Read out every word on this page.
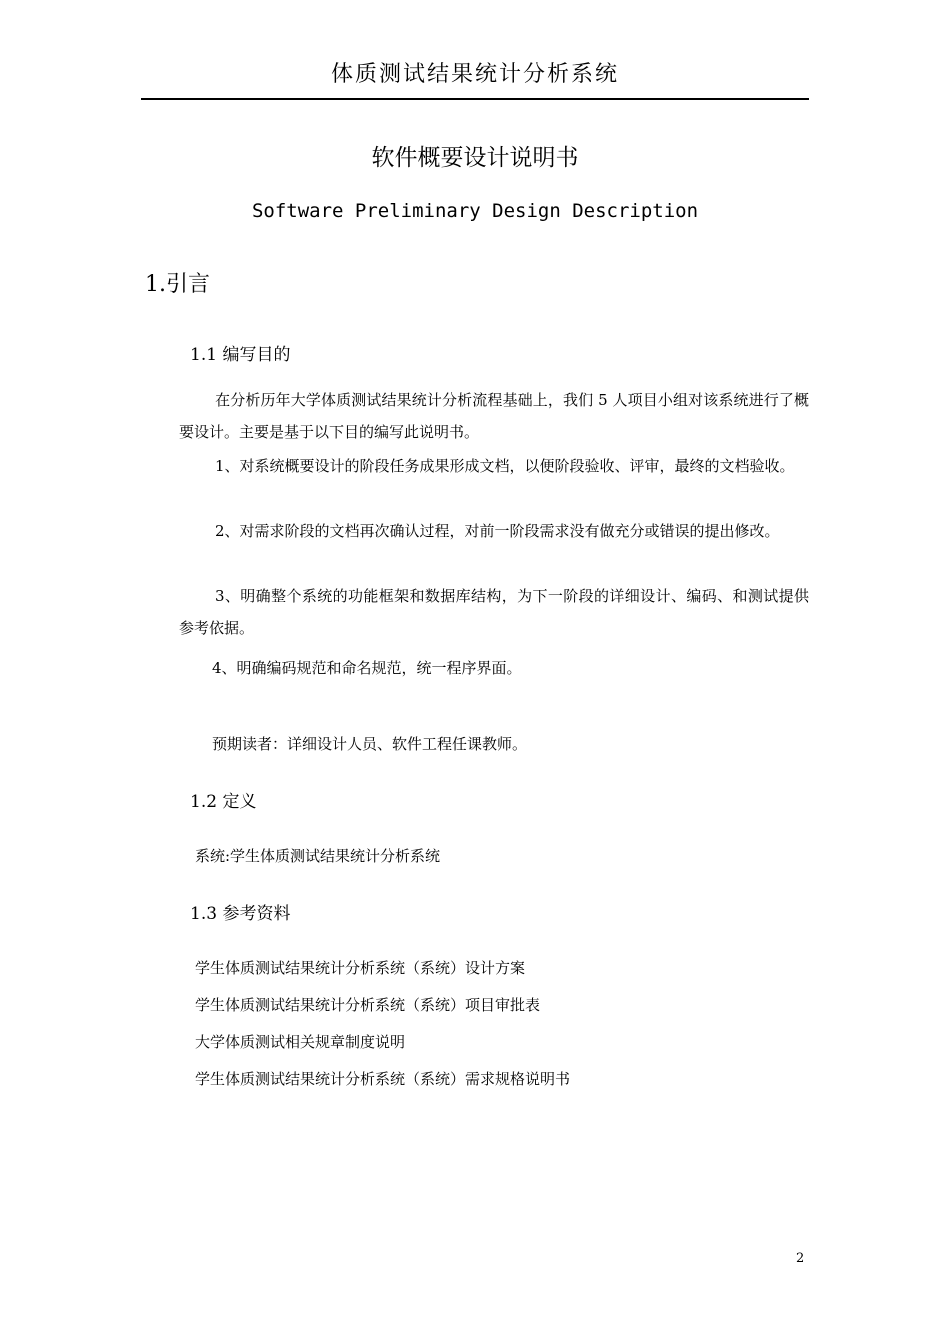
体质测试结果统计分析系统
软件概要设计说明书
Software Preliminary Design Description
1.引言
1.1 编写目的
在分析历年大学体质测试结果统计分析流程基础上，我们 5 人项目小组对该系统进行了概要设计。主要是基于以下目的编写此说明书。
1、对系统概要设计的阶段任务成果形成文档，以便阶段验收、评审，最终的文档验收。
2、对需求阶段的文档再次确认过程，对前一阶段需求没有做充分或错误的提出修改。
3、明确整个系统的功能框架和数据库结构，为下一阶段的详细设计、编码、和测试提供参考依据。
4、明确编码规范和命名规范，统一程序界面。
预期读者：详细设计人员、软件工程任课教师。
1.2 定义
系统:学生体质测试结果统计分析系统
1.3 参考资料
学生体质测试结果统计分析系统（系统）设计方案
学生体质测试结果统计分析系统（系统）项目审批表
大学体质测试相关规章制度说明
学生体质测试结果统计分析系统（系统）需求规格说明书
2
